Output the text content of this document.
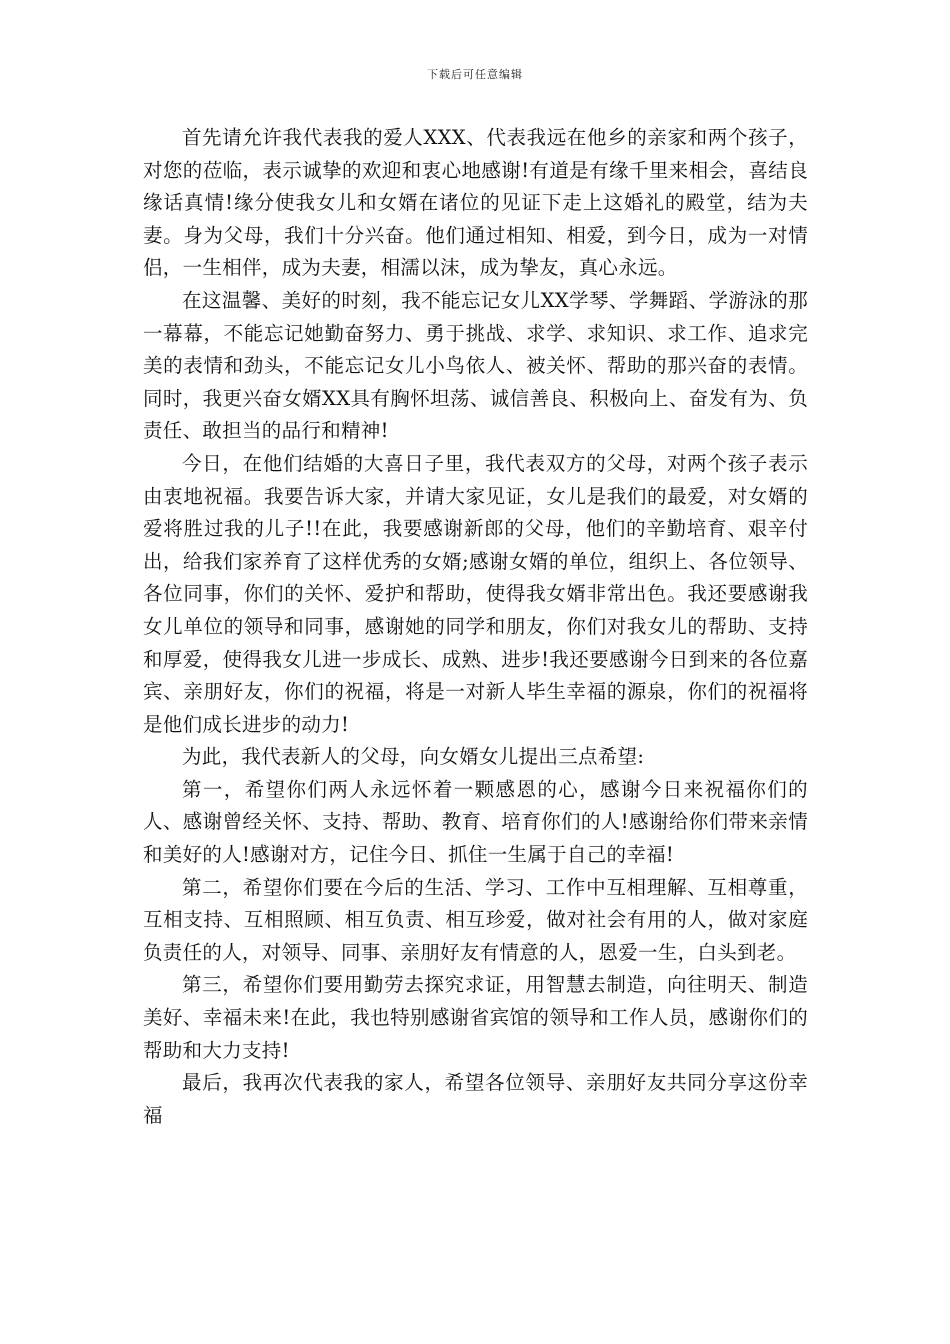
下载后可任意编辑

首先请允许我代表我的爱人XXX、代表我远在他乡的亲家和两个孩子，对您的莅临，表示诚挚的欢迎和衷心地感谢!有道是有缘千里来相会，喜结良缘话真情!缘分使我女儿和女婿在诸位的见证下走上这婚礼的殿堂，结为夫妻。身为父母，我们十分兴奋。他们通过相知、相爱，到今日，成为一对情侣，一生相伴，成为夫妻，相濡以沫，成为挚友，真心永远。

在这温馨、美好的时刻，我不能忘记女儿XX学琴、学舞蹈、学游泳的那一幕幕，不能忘记她勤奋努力、勇于挑战、求学、求知识、求工作、追求完美的表情和劲头，不能忘记女儿小鸟依人、被关怀、帮助的那兴奋的表情。同时，我更兴奋女婿XX具有胸怀坦荡、诚信善良、积极向上、奋发有为、负责任、敢担当的品行和精神!

今日，在他们结婚的大喜日子里，我代表双方的父母，对两个孩子表示由衷地祝福。我要告诉大家，并请大家见证，女儿是我们的最爱，对女婿的爱将胜过我的儿子!!在此，我要感谢新郎的父母，他们的辛勤培育、艰辛付出，给我们家养育了这样优秀的女婿;感谢女婿的单位，组织上、各位领导、各位同事，你们的关怀、爱护和帮助，使得我女婿非常出色。我还要感谢我女儿单位的领导和同事，感谢她的同学和朋友，你们对我女儿的帮助、支持和厚爱，使得我女儿进一步成长、成熟、进步!我还要感谢今日到来的各位嘉宾、亲朋好友，你们的祝福，将是一对新人毕生幸福的源泉，你们的祝福将是他们成长进步的动力!

为此，我代表新人的父母，向女婿女儿提出三点希望:

第一，希望你们两人永远怀着一颗感恩的心，感谢今日来祝福你们的人、感谢曾经关怀、支持、帮助、教育、培育你们的人!感谢给你们带来亲情和美好的人!感谢对方，记住今日、抓住一生属于自己的幸福!

第二，希望你们要在今后的生活、学习、工作中互相理解、互相尊重，互相支持、互相照顾、相互负责、相互珍爱，做对社会有用的人，做对家庭负责任的人，对领导、同事、亲朋好友有情意的人，恩爱一生，白头到老。

第三，希望你们要用勤劳去探究求证，用智慧去制造，向往明天、制造美好、幸福未来!在此，我也特别感谢省宾馆的领导和工作人员，感谢你们的帮助和大力支持!

最后，我再次代表我的家人，希望各位领导、亲朋好友共同分享这份幸福
